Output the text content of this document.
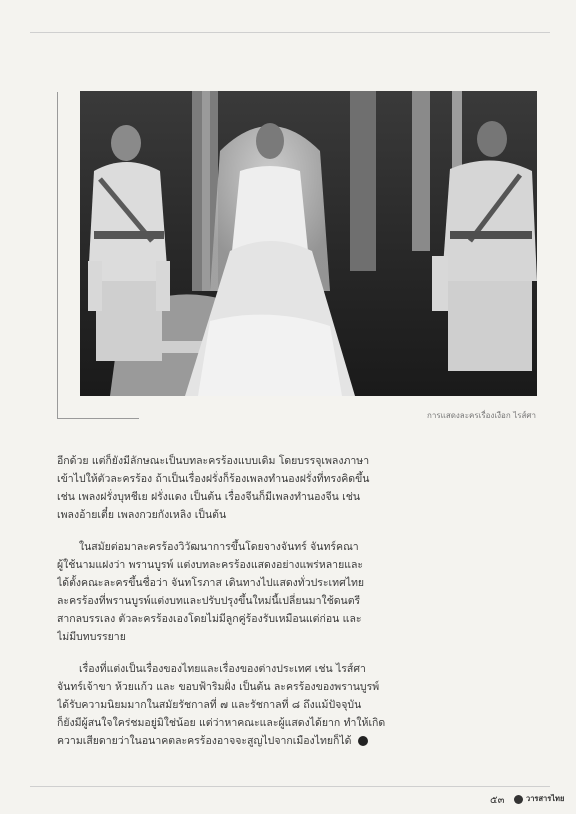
การแสดงละครเรื่องเงือก ไรส์ศา

อีกด้วย แต่ก็ยังมีลักษณะเป็นบทละครร้องแบบเดิม โดยบรรจุเพลงภาษา
เข้าไปให้ตัวละครร้อง ถ้าเป็นเรื่องฝรั่งก็ร้องเพลงทำนองฝรั่งที่ทรงคิดขึ้น
เช่น เพลงฝรั่งบุหชีเย ฝรั่งแดง เป็นต้น เรื่องจีนก็มีเพลงทำนองจีน เช่น
เพลงอ้ายเตี๋ย เพลงกวยกังเหลิง เป็นต้น

ในสมัยต่อมาละครร้องวิวัฒนาการขึ้นโดยจางจันทร์ จันทร์คณา
ผู้ใช้นามแฝงว่า พรานบูรพ์ แต่งบทละครร้องแสดงอย่างแพร่หลายและ
ได้ตั้งคณะละครขึ้นชื่อว่า จันทโรภาส เดินทางไปแสดงทั่วประเทศไทย
ละครร้องที่พรานบูรพ์แต่งบทและปรับปรุงขึ้นใหม่นี้เปลี่ยนมาใช้ดนตรี
สากลบรรเลง ตัวละครร้องเองโดยไม่มีลูกคู่ร้องรับเหมือนแต่ก่อน และ
ไม่มีบทบรรยาย

เรื่องที่แต่งเป็นเรื่องของไทยและเรื่องของต่างประเทศ เช่น ไรส์ศา
จันทร์เจ้าขา ห้วยแก้ว และ ขอบฟ้าริมฝั่ง เป็นต้น ละครร้องของพรานบูรพ์
ได้รับความนิยมมากในสมัยรัชกาลที่ ๗ และรัชกาลที่ ๘ ถึงแม้ปัจจุบัน
ก็ยังมีผู้สนใจใคร่ชมอยู่มิใช่น้อย แต่ว่าหาคณะและผู้แสดงได้ยาก ทำให้เกิด
ความเสียดายว่าในอนาคตละครร้องอาจจะสูญไปจากเมืองไทยก็ได้

๕๓	วารสารไทย
